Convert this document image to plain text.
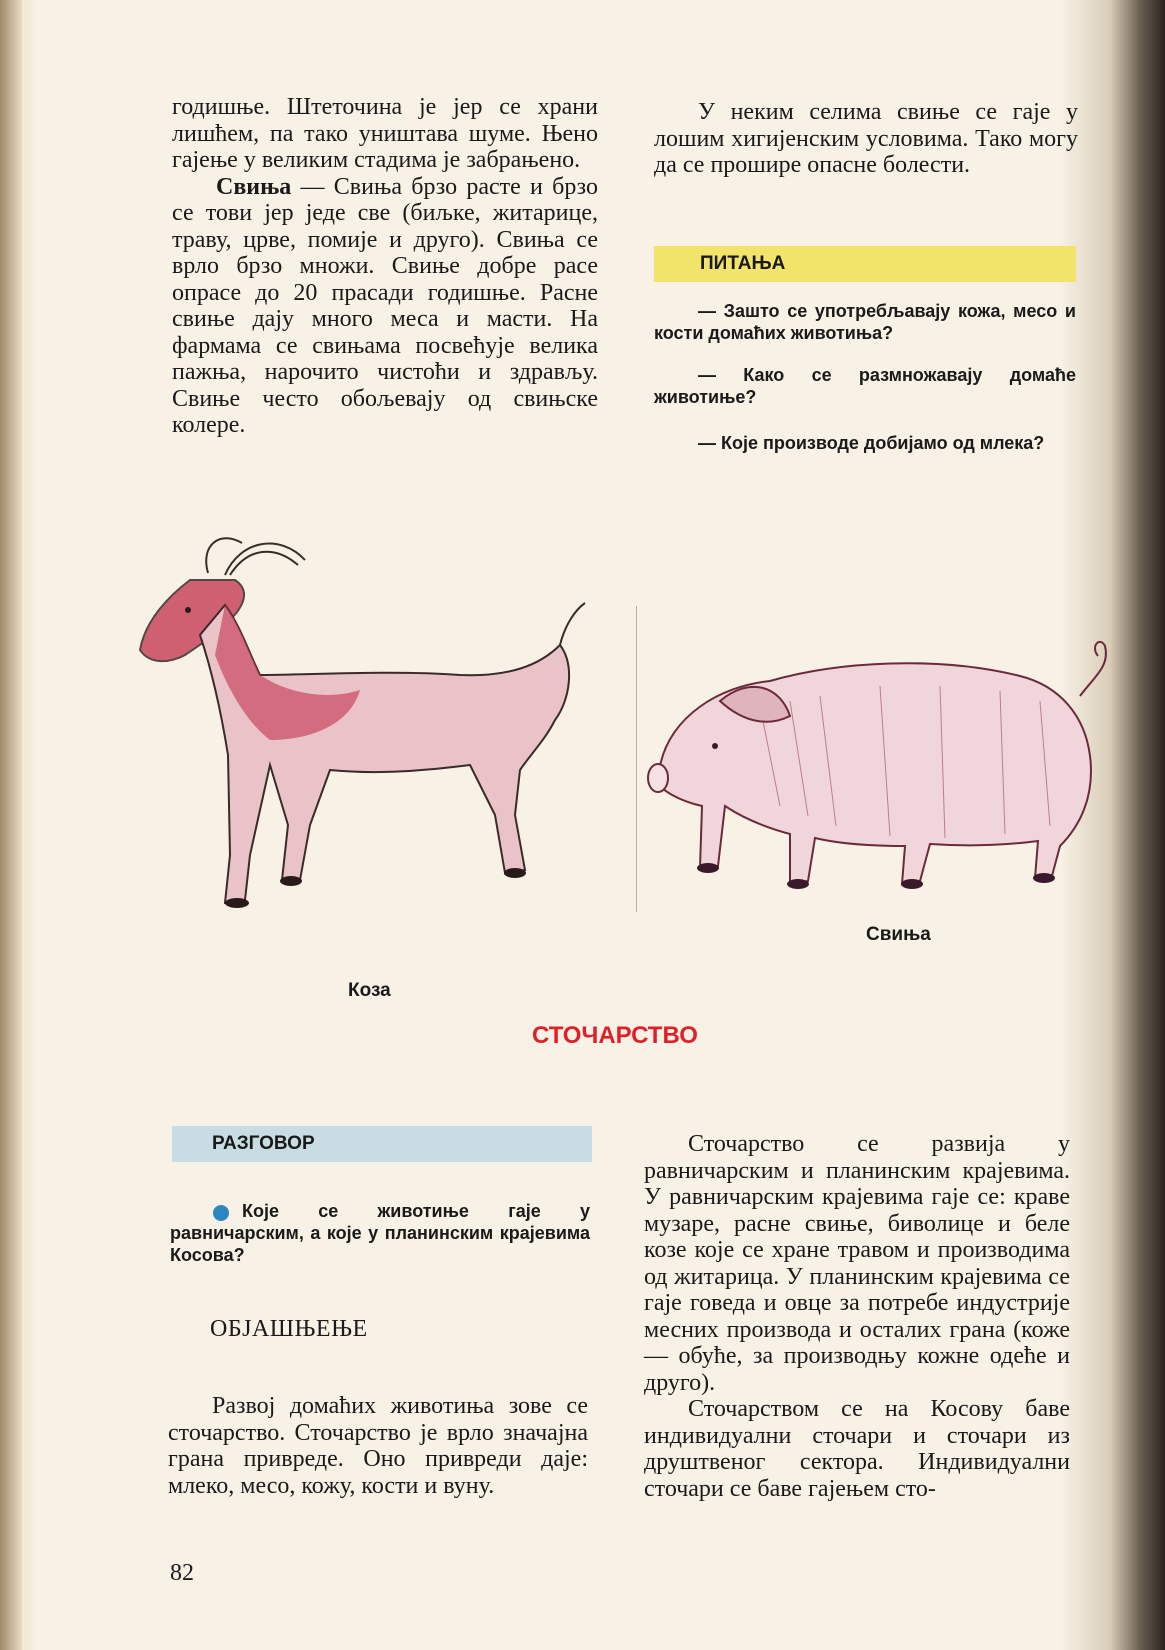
годишње. Штеточина је јер се храни лишћем, па тако уништава шуме. Њено гајење у великим стадима је забрањено.

Свиња — Свиња брзо расте и брзо се тови јер једе све (биљке, житарице, траву, црве, помије и друго). Свиња се врло брзо множи. Свиње добре расе опрасе до 20 прасади годишње. Расне свиње дају много меса и масти. На фармама се свињама посвећује велика пажња, нарочито чистоћи и здрављу. Свиње често обољевају од свињске колере.

У неким селима свиње се гаје у лошим хигијенским условима. Тако могу да се прошире опасне болести.
ПИТАЊА
— Зашто се употребљавају кожа, месо и кости домаћих животиња?
— Како се размножавају домаће животиње?
— Које производе добијамо од млека?
Коза
Свиња
СТОЧАРСТВО
РАЗГОВОР
Које се животиње гаје у равничарским, а које у планинским крајевима Косова?
ОБЈАШЊЕЊЕ
Развој домаћих животиња зове се сточарство. Сточарство је врло значајна грана привреде. Оно привреди даје: млеко, месо, кожу, кости и вуну.

Сточарство се развија у равничарским и планинским крајевима. У равничарским крајевима гаје се: краве музаре, расне свиње, биволице и беле козе које се хране травом и производима од житарица. У планинским крајевима се гаје говеда и овце за потребе индустрије месних производа и осталих грана (коже — обуће, за производњу кожне одеће и друго).

Сточарством се на Косову баве индивидуални сточари и сточари из друштвеног сектора. Индивидуални сточари се баве гајењем сто-

82
